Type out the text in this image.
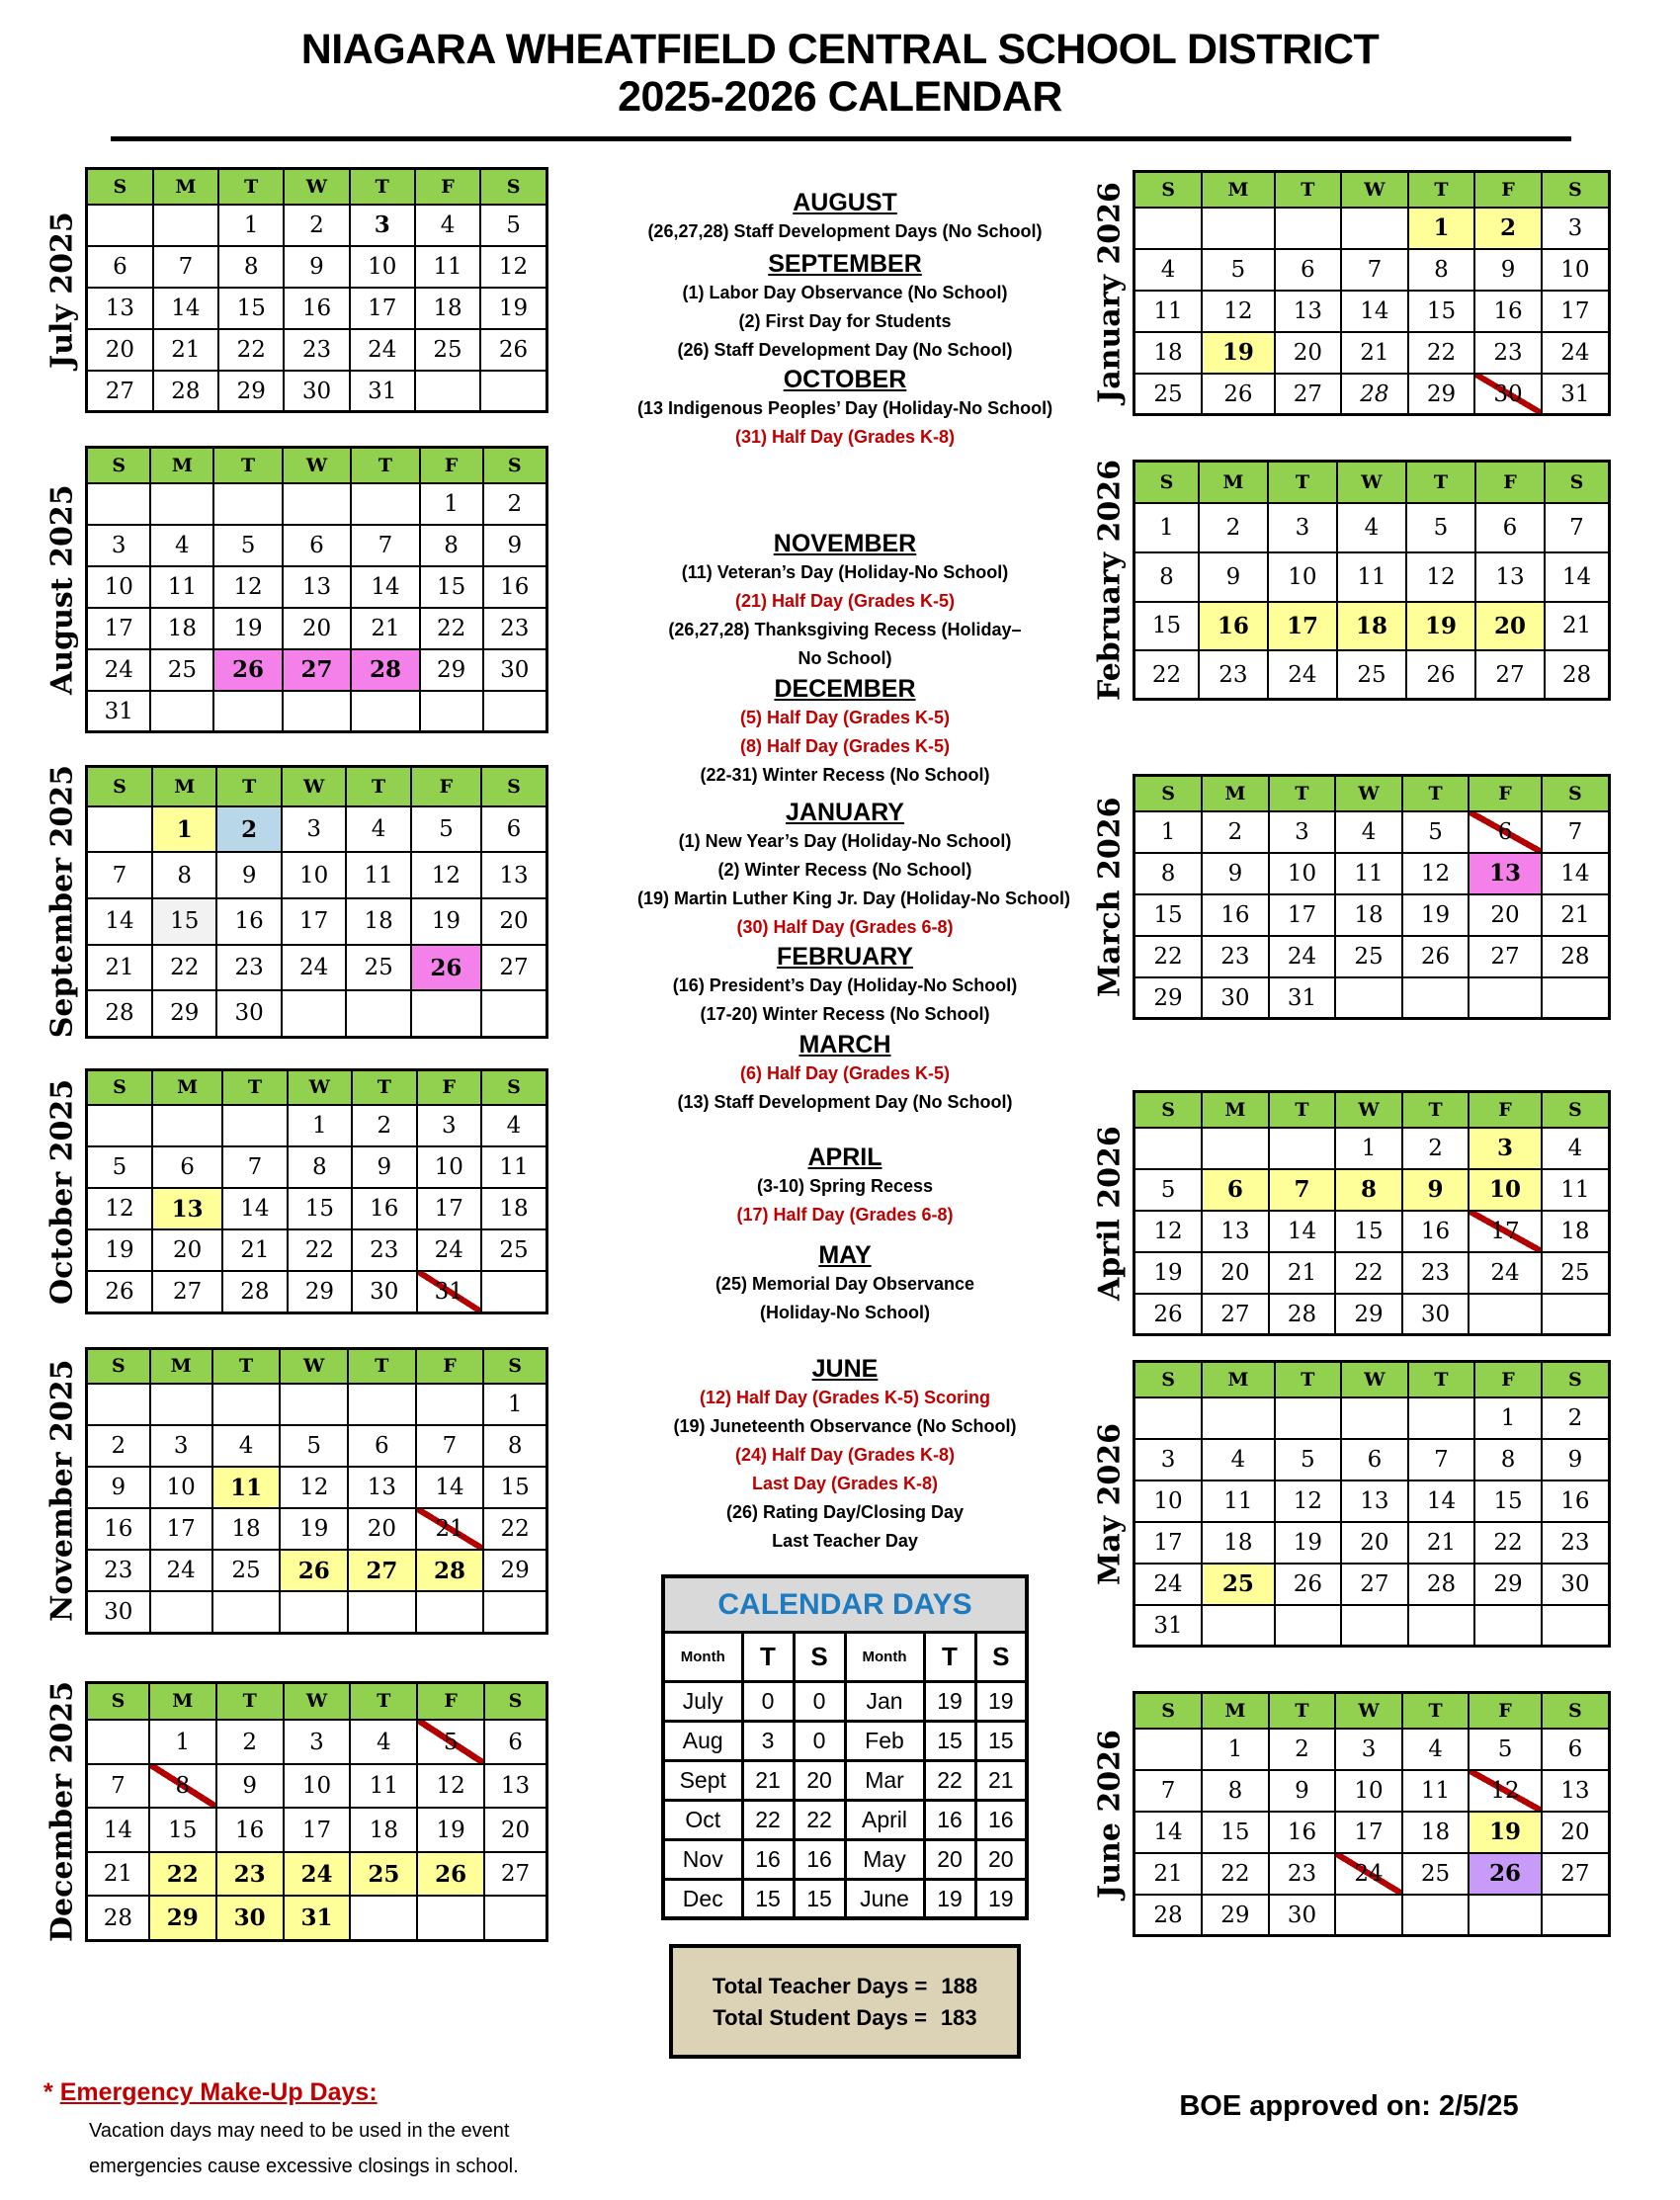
NIAGARA WHEATFIELD CENTRAL SCHOOL DISTRICT
2025-2026 CALENDAR
July 2025
S	M	T	W	T	F	S
		1	2	3	4	5
6	7	8	9	10	11	12
13	14	15	16	17	18	19
20	21	22	23	24	25	26
27	28	29	30	31		
August 2025
S	M	T	W	T	F	S
					1	2
3	4	5	6	7	8	9
10	11	12	13	14	15	16
17	18	19	20	21	22	23
24	25	26	27	28	29	30
31						
September 2025 S	M	T	W	T	F	S
	1	2	3	4	5	6
7	8	9	10	11	12	13
14	15	16	17	18	19	20
21	22	23	24	25	26	27
28	29	30				
October 2025 S	M	T	W	T	F	S
			1	2	3	4
5	6	7	8	9	10	11
12	13	14	15	16	17	18
19	20	21	22	23	24	25
26	27	28	29	30	31	
November 2025 S	M	T	W	T	F	S
						1
2	3	4	5	6	7	8
9	10	11	12	13	14	15
16	17	18	19	20	21	22
23	24	25	26	27	28	29
30						
December 2025 S	M	T	W	T	F	S
	1	2	3	4	5	6
7	8	9	10	11	12	13
14	15	16	17	18	19	20
21	22	23	24	25	26	27
28	29	30	31			
AUGUST
(26,27,28) Staff Development Days (No School)
SEPTEMBER
(1) Labor Day Observance (No School)
(2) First Day for Students
(26) Staff Development Day (No School)
OCTOBER
(13 Indigenous Peoples’ Day (Holiday-No School)
(31) Half Day (Grades K-8)
NOVEMBER
(11) Veteran’s Day (Holiday-No School)
(21) Half Day (Grades K-5)
(26,27,28) Thanksgiving Recess (Holiday–
No School)
DECEMBER
(5) Half Day (Grades K-5)
(8) Half Day (Grades K-5)
(22-31) Winter Recess (No School)
JANUARY
(1) New Year’s Day (Holiday-No School)
(2) Winter Recess (No School)
(19) Martin Luther King Jr. Day (Holiday-No School)
(30) Half Day (Grades 6-8)
FEBRUARY
(16) President’s Day (Holiday-No School)
(17-20) Winter Recess (No School)
MARCH
(6) Half Day (Grades K-5)
(13) Staff Development Day (No School)
APRIL
(3-10) Spring Recess
(17) Half Day (Grades 6-8)
MAY
(25) Memorial Day Observance
(Holiday-No School)
JUNE
(12) Half Day (Grades K-5) Scoring
(19) Juneteenth Observance (No School)
(24) Half Day (Grades K-8)
Last Day (Grades K-8)
(26) Rating Day/Closing Day
Last Teacher Day
CALENDAR DAYS					
Month	T	S	Month	T	S
July	0	0	Jan	19	19
Aug	3	0	Feb	15	15
Sept	21	20	Mar	22	21
Oct	22	22	April	16	16
Nov	16	16	May	20	20
Dec	15	15	June	19	19
Total Teacher Days = 188
Total Student Days = 183
January 2026 S	M	T	W	T	F	S
				1	2	3
4	5	6	7	8	9	10
11	12	13	14	15	16	17
18	19	20	21	22	23	24
25	26	27	28	29	30	31
February 2026 S	M	T	W	T	F	S
1	2	3	4	5	6	7
8	9	10	11	12	13	14
15	16	17	18	19	20	21
22	23	24	25	26	27	28
March 2026
S	M	T	W	T	F	S
1	2	3	4	5	6	7
8	9	10	11	12	13	14
15	16	17	18	19	20	21
22	23	24	25	26	27	28
29	30	31				
April 2026
S	M	T	W	T	F	S
			1	2	3	4
5	6	7	8	9	10	11
12	13	14	15	16	17	18
19	20	21	22	23	24	25
26	27	28	29	30		
May 2026
S	M	T	W	T	F	S
					1	2
3	4	5	6	7	8	9
10	11	12	13	14	15	16
17	18	19	20	21	22	23
24	25	26	27	28	29	30
31						
June 2026
S	M	T	W	T	F	S
	1	2	3	4	5	6
7	8	9	10	11	12	13
14	15	16	17	18	19	20
21	22	23	24	25	26	27
28	29	30				
* Emergency Make-Up Days:
Vacation days may need to be used in the event
emergencies cause excessive closings in school.
BOE approved on: 2/5/25
